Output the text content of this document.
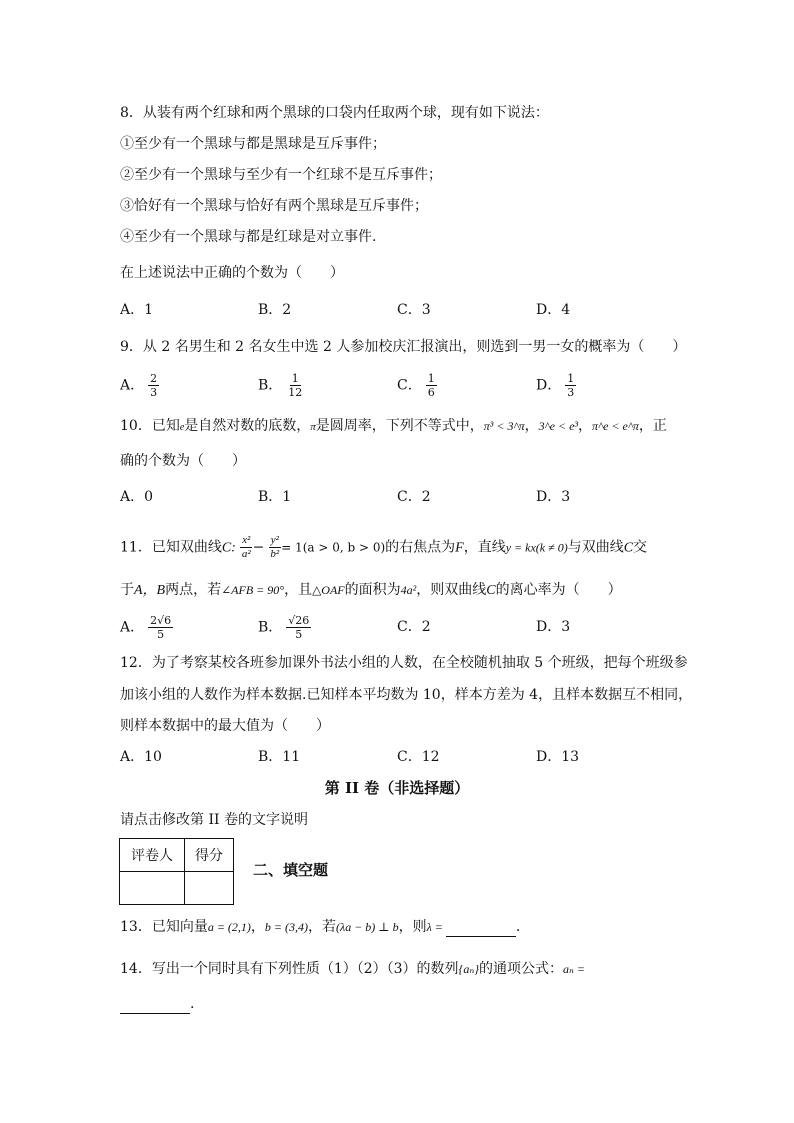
8．从装有两个红球和两个黑球的口袋内任取两个球，现有如下说法：
①至少有一个黑球与都是黑球是互斥事件；
②至少有一个黑球与至少有一个红球不是互斥事件；
③恰好有一个黑球与恰好有两个黑球是互斥事件；
④至少有一个黑球与都是红球是对立事件.
在上述说法中正确的个数为（　　）
A．1	B．2	C．3	D．4
9．从 2 名男生和 2 名女生中选 2 人参加校庆汇报演出，则选到一男一女的概率为（　　）
A． $\frac{2}{3}$	B． $\frac{1}{12}$	C． $\frac{1}{6}$	D． $\frac{1}{3}$
10．已知e是自然对数的底数，π是圆周率，下列不等式中，π³ < 3^π，3^e < e³，π^e < e^π，正
确的个数为（　　）
A．0	B．1	C．2	D．3
11．已知双曲线C: $\frac{\text{x²}}{\text{a²}} - \frac{\text{y²}}{\text{b²}} = 1(a > 0$, b > 0)的右焦点为F，直线y = kx(k ≠ 0)与双曲线C交
于A，B两点，若∠AFB = 90°，且△OAF的面积为4a²，则双曲线C的离心率为（　　）
A． $\frac{2√6}{5}$	B． $\frac{√26}{5}$	C．2	D．3
12．为了考察某校各班参加课外书法小组的人数，在全校随机抽取 5 个班级，把每个班级参
加该小组的人数作为样本数据.已知样本平均数为 10，样本方差为 4，且样本数据互不相同，
则样本数据中的最大值为（　　）
A．10	B．11	C．12	D．13
第 II 卷（非选择题）
请点击修改第 II 卷的文字说明
评卷人	得分

二、填空题
13．已知向量a = (2,1)，b = (3,4)，若(λa − b) ⊥ b，则λ =	.
14．写出一个同时具有下列性质（1）（2）（3）的数列{aₙ}的通项公式：aₙ =
.
